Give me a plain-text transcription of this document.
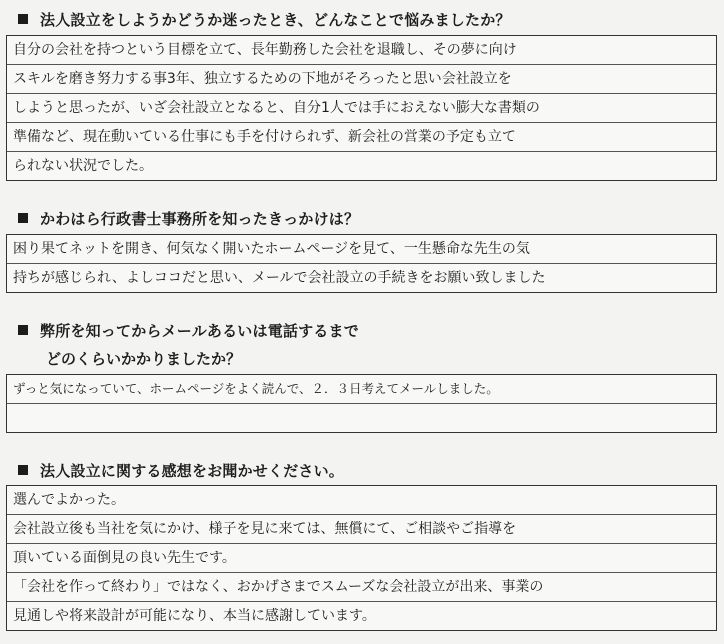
法人設立をしようかどうか迷ったとき、どんなことで悩みましたか？
自分の会社を持つという目標を立て、長年勤務した会社を退職し、その夢に向け
スキルを磨き努力する事3年、独立するための下地がそろったと思い会社設立を
しようと思ったが、いざ会社設立となると、自分1人では手におえない膨大な書類の
準備など、現在動いている仕事にも手を付けられず、新会社の営業の予定も立て
られない状況でした。
かわはら行政書士事務所を知ったきっかけは？
困り果てネットを開き、何気なく開いたホームページを見て、一生懸命な先生の気
持ちが感じられ、よしココだと思い、メールで会社設立の手続きをお願い致しました
弊所を知ってからメールあるいは電話するまで
どのくらいかかりましたか？
ずっと気になっていて、ホームページをよく読んで、２．３日考えてメールしました。
法人設立に関する感想をお聞かせください。
選んでよかった。
会社設立後も当社を気にかけ、様子を見に来ては、無償にて、ご相談やご指導を
頂いている面倒見の良い先生です。
「会社を作って終わり」ではなく、おかげさまでスムーズな会社設立が出来、事業の
見通しや将来設計が可能になり、本当に感謝しています。
